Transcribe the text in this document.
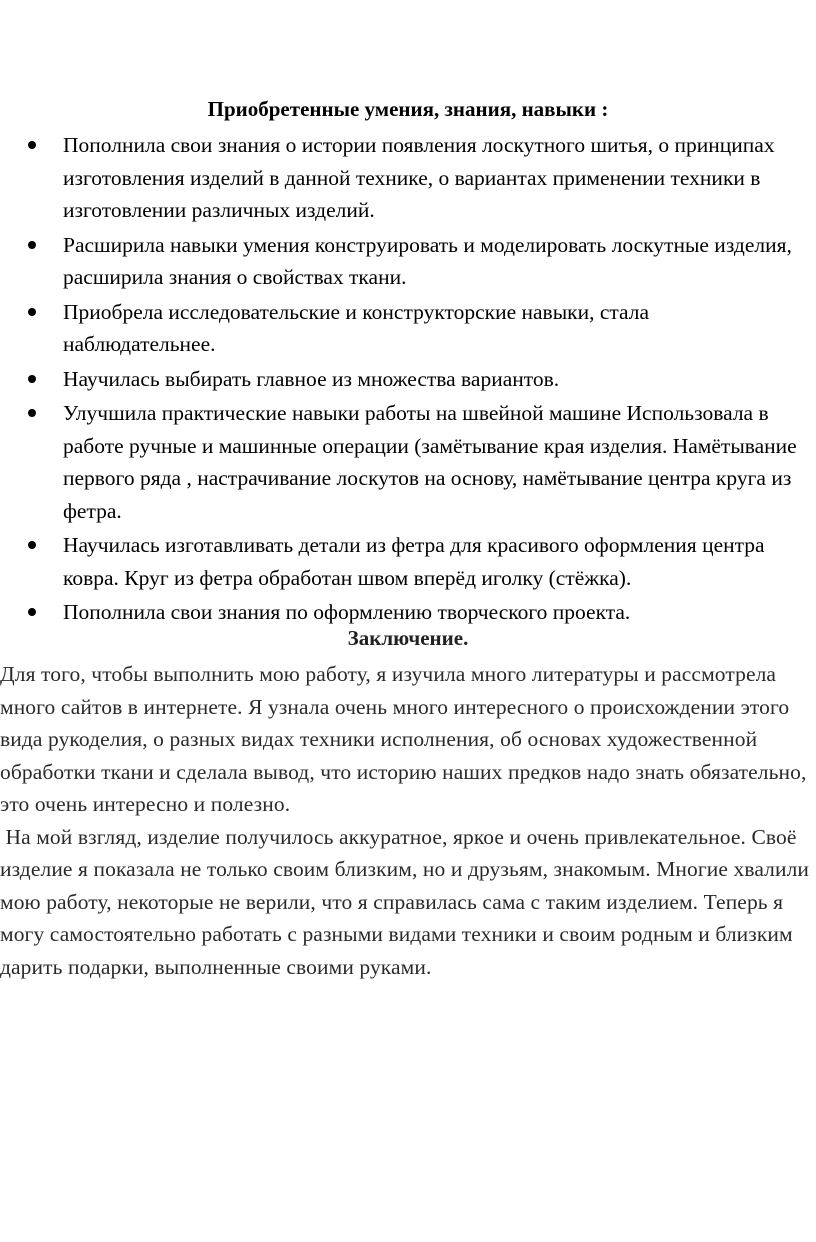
Приобретенные умения, знания, навыки :
Пополнила свои знания о истории появления лоскутного шитья, о принципах изготовления изделий в данной технике, о вариантах применении техники в изготовлении различных изделий.
Расширила навыки умения конструировать и моделировать лоскутные изделия, расширила знания о свойствах ткани.
Приобрела исследовательские и конструкторские навыки, стала наблюдательнее.
Научилась выбирать главное из множества вариантов.
Улучшила практические навыки работы на швейной машине Использовала в работе ручные и машинные операции (замётывание края изделия. Намётывание первого ряда , настрачивание лоскутов на основу, намётывание центра круга из фетра.
Научилась изготавливать детали из фетра для красивого оформления центра ковра. Круг из фетра обработан швом вперёд иголку (стёжка).
Пополнила свои знания по оформлению творческого проекта.
Заключение.

Для того, чтобы выполнить мою работу, я изучила много литературы и рассмотрела много сайтов в интернете. Я узнала очень много интересного о происхождении этого вида рукоделия, о разных видах техники исполнения, об основах художественной обработки ткани и сделала вывод, что историю наших предков надо знать обязательно, это очень интересно и полезно.

На мой взгляд, изделие получилось аккуратное, яркое и очень привлекательное. Своё изделие я показала не только своим близким, но и друзьям, знакомым. Многие хвалили мою работу, некоторые не верили, что я справилась сама с таким изделием. Теперь я могу самостоятельно работать с разными видами техники и своим родным и близким дарить подарки, выполненные своими руками.
